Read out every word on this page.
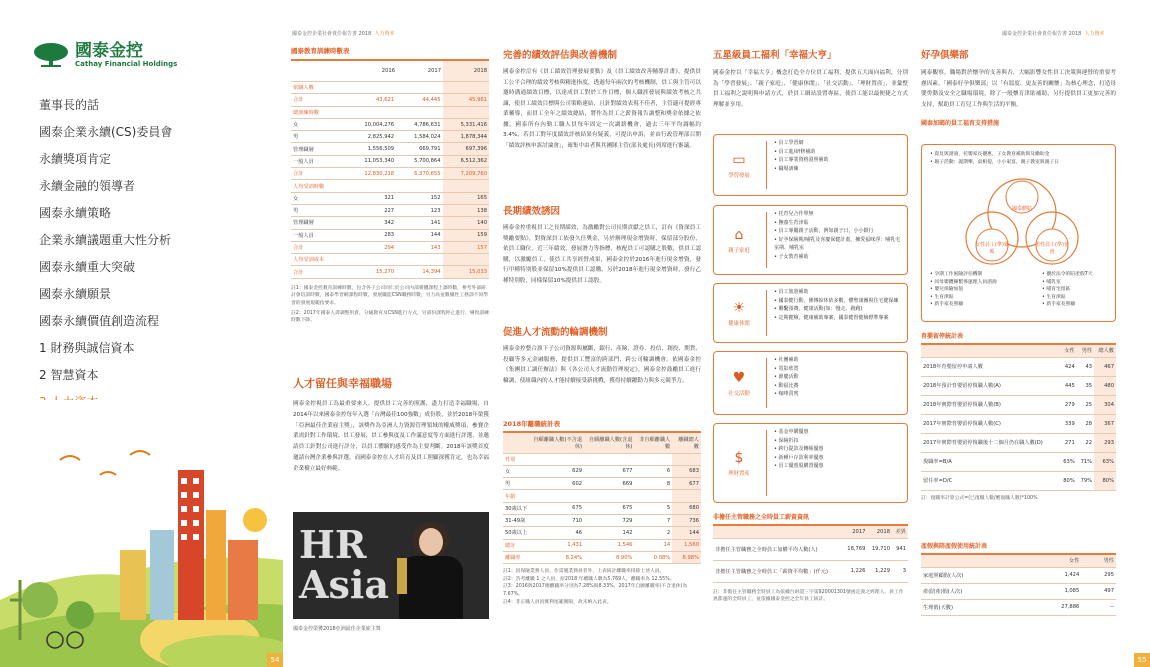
國泰金控
Cathay Financial Holdings
董事長的話
國泰企業永續(CS)委員會
永續獎項肯定
永續金融的領導者
國泰永續策略
企業永續議題重大性分析
國泰永續重大突破
國泰永續願景
國泰永續價值創造流程
1 財務與誠信資本
2 智慧資本
54
國泰金控企業社會責任報告書 2018 人力資本
國泰教育訓練時數表
	2016	2017	2018
依職人數			
合計	43,621	44,445	45,961
總訓練時數			
女	10,004,276	4,786,631	5,331,416
男	2,825,942	1,584,024	1,878,344
管理職層	1,556,509	669,791	697,396
一般人員	11,053,340	5,700,864	6,512,362
合計	12,830,218	6,370,655	7,209,760
人均受訓時數			
女	321	152	165
男	227	123	138
管理職層	342	141	140
一般人員	283	144	159
合計	294	143	157
人均受訓成本			
合計	15,270	14,394	15,033
註1：國泰金控教育訓練時數，包含各子公司同仁於公司內部實體課程上課時數，參考外部研討會培訓時數，國泰學習網課程時數，發展職能CSN職務時數，另力高並數據性工務訓不同學習的發展規範指要求。
註2：2017年國泰人壽調整用倉，分級教育及CSN進行方式，另部份課程停止進行，導致訓練時數下降。
人才留任與幸福職場
國泰金控視員工為最重要來人，提供員工完善的照護，盡力打造幸福職場，自2014年以來國泰金控每年入選「台灣最佳100強數」成份股，並於2018年榮獲「亞洲最佳企業雇主獎」，該獎作為亞洲人力資源管理領域的權威獎項，參賽企業需針對工作環境、員工發展、員工參與度及工作滿意度等方面進行評選，並邀請員工針對公司進行評分，以員工體驗的感受作為主要判斷。2018年該獎首度邀請台灣企業參與評選，而國泰金控在人才培育及員工照顧深獲肯定，也為幸福企業樹立最好典範。
HR
Asia
國泰金控榮獲2018亞洲最佳企業雇主獎
完善的績效評估與改善機制
國泰金控訂有《員工績效管理發展要點》及《員工績效改善輔導計畫》，提供員工公平合理的績效考核與精進指度，透過每年兩次的考核機制，員工與主管可以邀時溝通績效目標，以達成員工對於工作目標，個人職涯發展與績效考核之共識，使員工績效目標與公司策略連結，且針對績效表現不佳者，主管適可提經專業輔導，而員工全年之績效總結，將作為員工之薪資報告調整和獎金依據之依據。國泰所有內勤工職人員每年固定一次調薪機會，過去三年平均調幅約3.4%，若員工對年度績效評核結果有疑義，可提出申訴，並由行政管理部召開「績效評核申訴討論會」，確集中由者與其團隊主管(部長處長)列席進行審議。
長期績效誘因
國泰金控重視員工之長期績效，為激勵對公司長期貢獻之員工，訂有《資深員工獎勵要點》，對資深員工依發久任獎金，另於辦理現金增資時，保留部分股份，依員工職位，近三年績效，發展潛力等指標，核配員工可認購之股數，供員工認購，以激勵員工，使員工共享經營成果，國泰金控於2016年進行現金增資，發行甲種特別股並保留10%提供員工認購，另於2018年進行現金增資時，發行乙種特別股，同樣保留10%提供員工認股。
促進人才流動的輪調機制
國泰金控整合旗下子公司資源與屬斷，銀行、產險、證券、投信、創投、期貨、投顧等多元金融服務，提供員工豐富的跨部門、跨公司輪調機會。依國泰金控《集團員工調任辦法》與《各公司人才流動管理規定》，國泰金控鼓勵員工進行輪調，使組織內的人才能持續接受新挑戰，獲得持續躍動力與多元競爭力。
2018年離職統計表
	自願離職人數(不含退休)	自願離職人數(含退休)	非自願離職人數	離職總人數
性別				
女	629	677	6	683
男	602	669	8	677
年齡				
30歲以下	675	675	5	680
31-49歲	710	729	7	736
50歲以上	46	142	2	144
總計	1,431	1,546	14	1,560
離職率	8.24%	8.90%	0.08%	8.98%
註1：因保險業務人員，作需履業務員者外，上表統計離職率排除上述人員。
註2：答考離職 1 之人員，原2018 年離職人數為5,769人，離職率為 12.55%。
註3：2016與2017總離職率分別為7.28%與8.33%，2017年自願離職率(不含退休)為7.67%。
註4：非正職人員因實利尾範圍限，故未納入此表。
國泰金控企業社會責任報告書 2018 人力資本
五星級員工福利「幸福大亨」
國泰金控以「幸福大亨」概念打造全方位員工福利，提供五大面向福利，分別為「學習發展」、「親子家庭」、「健康休閒」、「社交活動」、「理財置產」，並彙整員工福利之說明與申請方式，於員工網站設置專區，使員工能以最便捷之方式理解並享用。
▭
學習發展
• 員工學習網
• 員工進/研修補助
• 員工專業資格證照補助
• 職場訓練
⌂
親子家庭
• 托育兒合作單無
• 撫養生育津貼
• 員工專屬親子活動，例如親子日，小小銀行
• 好孕保險期/哺乳及喜慶保健計畫，擁愛福咪淨：哺乳宅室期、哺乳室
• 子女教育補助
☀
健康休閒
• 員工旅遊補助
• 國泰健行動，佛傳掠休依多數，體聖康團視住宅健保練
• 聯繫預賽，健康活動(如：慢走、跑跑)
• 定期健檢，健康補助專案，國泰健督健檢標準專案
♥
社交活動
• 社團補助
• 電影欣賞
• 節慶活動
• 動福比賽
• 咖啡貴賓
$
理財置產
• 基金申購優惠
• 保險折扣
• 跨行提款及轉帳優惠
• 新種戶存款利率優惠
• 員工優惠股購置優惠
非擔任主管職務之全時員工薪資資訊
	2017	2018	差異
非擔任主管職務之全時員工加權平均人數(人)	18,769	19,710	941
非擔任主管職務之全時員工「薪資平均數」(仟元)	1,226	1,229	3
註：非擔任主管職務全時員工為依據台財證三字第920001301號函定義之經理人、員工作異都運的全時員工，並依據國泰金控之全年員工統計。
好孕俱樂部
國泰觀察，職場對於懷孕的支善與否，大幅影響女性員工決策與運營的重要考慮因素。「國泰好孕俱樂部」以「有溫度、更友善的關懷」為核心理念，打造母嬰勞動及安全之職場環境，除了一般懷育津貼補助，另行提供員工更加完善的支持，幫助員工育兒工作與生活的平衡。
國泰加碼的員工福育支持措施
• 資見與諮詢，托嬰家長優惠，子女教育補助與及勵助金
• 親子活動：誕期樂，桌相提，小小家宴，親子教室與親子日
國泰體貼
女性員工(準)媽媽
男性員工(準)爸爸
• 孕期工作風險評估機制
• 同母嬰體操繫係運理人員諮詢
• 嬰兒保險加值
• 生育津貼
• 新手家長照顧
• 優於法令的陪產假7天
• 哺乳室
• 哺育宅留區
• 生育津貼
• 新手家長照顧
育嬰留停統計表
	女性	男性	總人數
2018年育嬰留停申請人數	424	43	467
2018年預計育嬰留停復職人數(A)	445	35	480
2018年實際育嬰留停復職人數(B)	279	25	304
2017年實際育嬰留停復職人數(C)	339	28	367
2017年實際育嬰留停復職後十二個月仍在職人數(D)	271	22	293
復職率=B/A	63%	71%	63%
留任率=D/C	80%	79%	80%
註：復職率計算公式=(已復職人數/應復職人數)*100%
產假與陪產假使用統計表
	女性	男性
家庭照顧假(人次)	1,424	295
產(陪產)假(人次)	1,085	497
生理假(天數)	27,886	--
55
